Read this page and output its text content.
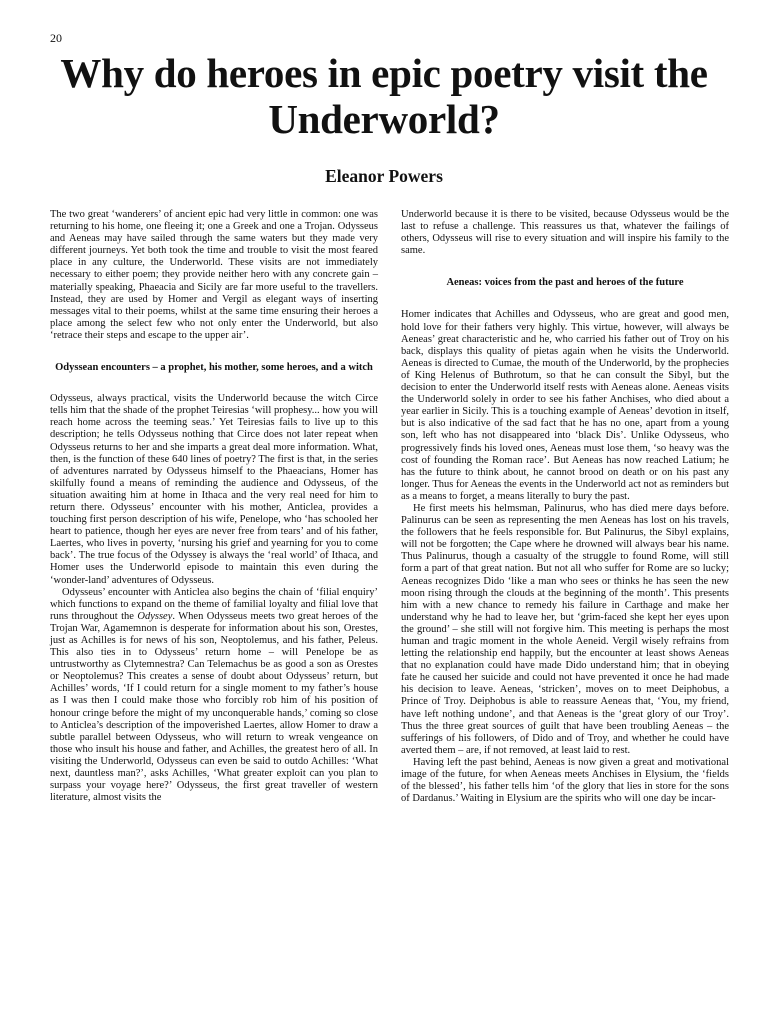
20
Why do heroes in epic poetry visit the Underworld?
Eleanor Powers

The two great ‘wanderers’ of ancient epic had very little in common: one was returning to his home, one fleeing it; one a Greek and one a Trojan. Odysseus and Aeneas may have sailed through the same waters but they made very different journeys. Yet both took the time and trouble to visit the most feared place in any culture, the Underworld. These visits are not immediately necessary to either poem; they provide neither hero with any concrete gain – materially speaking, Phaeacia and Sicily are far more useful to the travellers. Instead, they are used by Homer and Vergil as elegant ways of inserting messages vital to their poems, whilst at the same time ensuring their heroes a place among the select few who not only enter the Underworld, but also ‘retrace their steps and escape to the upper air’.

Odyssean encounters – a prophet, his mother, some heroes, and a witch

Odysseus, always practical, visits the Underworld because the witch Circe tells him that the shade of the prophet Teiresias ‘will prophesy... how you will reach home across the teeming seas.’ Yet Teiresias fails to live up to this description; he tells Odysseus nothing that Circe does not later repeat when Odysseus returns to her and she imparts a great deal more information. What, then, is the function of these 640 lines of poetry? The first is that, in the series of adventures narrated by Odysseus himself to the Phaeacians, Homer has skilfully found a means of reminding the audience and Odysseus, of the situation awaiting him at home in Ithaca and the very real need for him to return there. Odysseus’ encounter with his mother, Anticlea, provides a touching first person description of his wife, Penelope, who ‘has schooled her heart to patience, though her eyes are never free from tears’ and of his father, Laertes, who lives in poverty, ‘nursing his grief and yearning for you to come back’. The true focus of the Odyssey is always the ‘real world’ of Ithaca, and Homer uses the Underworld episode to maintain this even during the ‘wonder-land’ adventures of Odysseus.

Odysseus’ encounter with Anticlea also begins the chain of ‘filial enquiry’ which functions to expand on the theme of familial loyalty and filial love that runs throughout the Odyssey. When Odysseus meets two great heroes of the Trojan War, Agamemnon is desperate for information about his son, Orestes, just as Achilles is for news of his son, Neoptolemus, and his father, Peleus. This also ties in to Odysseus’ return home – will Penelope be as untrustworthy as Clytemnestra? Can Telemachus be as good a son as Orestes or Neoptolemus? This creates a sense of doubt about Odysseus’ return, but Achilles’ words, ‘If I could return for a single moment to my father’s house as I was then I could make those who forcibly rob him of his position of honour cringe before the might of my unconquerable hands,’ coming so close to Anticlea’s description of the impoverished Laertes, allow Homer to draw a subtle parallel between Odysseus, who will return to wreak vengeance on those who insult his house and father, and Achilles, the greatest hero of all. In visiting the Underworld, Odysseus can even be said to outdo Achilles: ‘What next, dauntless man?’, asks Achilles, ‘What greater exploit can you plan to surpass your voyage here?’ Odysseus, the first great traveller of western literature, almost visits the

Underworld because it is there to be visited, because Odysseus would be the last to refuse a challenge. This reassures us that, whatever the failings of others, Odysseus will rise to every situation and will inspire his family to the same.

Aeneas: voices from the past and heroes of the future

Homer indicates that Achilles and Odysseus, who are great and good men, hold love for their fathers very highly. This virtue, however, will always be Aeneas’ great characteristic and he, who carried his father out of Troy on his back, displays this quality of pietas again when he visits the Underworld. Aeneas is directed to Cumae, the mouth of the Underworld, by the prophecies of King Helenus of Buthrotum, so that he can consult the Sibyl, but the decision to enter the Underworld itself rests with Aeneas alone. Aeneas visits the Underworld solely in order to see his father Anchises, who died about a year earlier in Sicily. This is a touching example of Aeneas’ devotion in itself, but is also indicative of the sad fact that he has no one, apart from a young son, left who has not disappeared into ‘black Dis’. Unlike Odysseus, who progressively finds his loved ones, Aeneas must lose them, ‘so heavy was the cost of founding the Roman race’. But Aeneas has now reached Latium; he has the future to think about, he cannot brood on death or on his past any longer. Thus for Aeneas the events in the Underworld act not as reminders but as a means to forget, a means literally to bury the past.

He first meets his helmsman, Palinurus, who has died mere days before. Palinurus can be seen as representing the men Aeneas has lost on his travels, the followers that he feels responsible for. But Palinurus, the Sibyl explains, will not be forgotten; the Cape where he drowned will always bear his name. Thus Palinurus, though a casualty of the struggle to found Rome, will still form a part of that great nation. But not all who suffer for Rome are so lucky; Aeneas recognizes Dido ‘like a man who sees or thinks he has seen the new moon rising through the clouds at the beginning of the month’. This presents him with a new chance to remedy his failure in Carthage and make her understand why he had to leave her, but ‘grim-faced she kept her eyes upon the ground’ – she still will not forgive him. This meeting is perhaps the most human and tragic moment in the whole Aeneid. Vergil wisely refrains from letting the relationship end happily, but the encounter at least shows Aeneas that no explanation could have made Dido understand him; that in obeying fate he caused her suicide and could not have prevented it once he had made his decision to leave. Aeneas, ‘stricken’, moves on to meet Deiphobus, a Prince of Troy. Deiphobus is able to reassure Aeneas that, ‘You, my friend, have left nothing undone’, and that Aeneas is the ‘great glory of our Troy’. Thus the three great sources of guilt that have been troubling Aeneas – the sufferings of his followers, of Dido and of Troy, and whether he could have averted them – are, if not removed, at least laid to rest.

Having left the past behind, Aeneas is now given a great and motivational image of the future, for when Aeneas meets Anchises in Elysium, the ‘fields of the blessed’, his father tells him ‘of the glory that lies in store for the sons of Dardanus.’ Waiting in Elysium are the spirits who will one day be incar-
